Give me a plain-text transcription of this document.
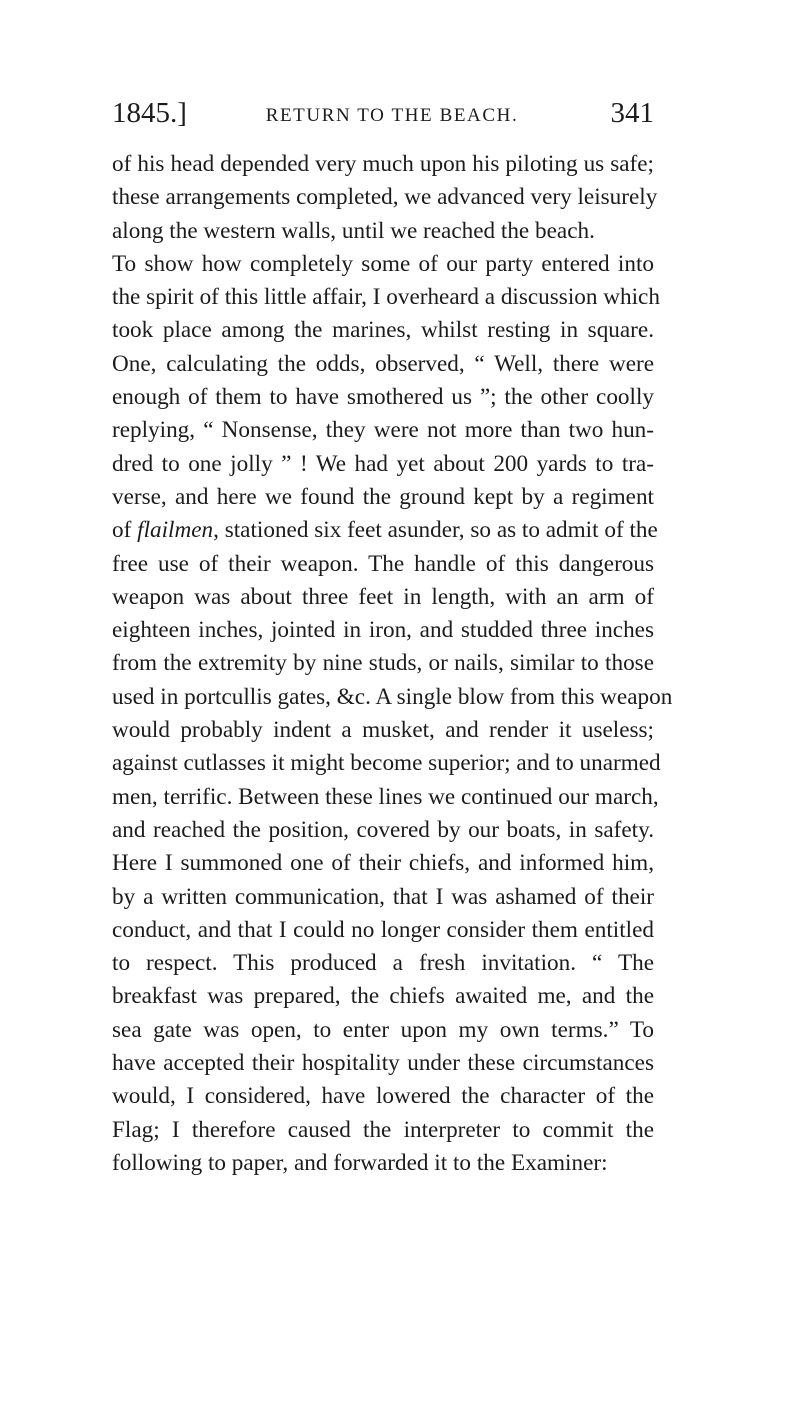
1845.]	RETURN TO THE BEACH.	341
of his head depended very much upon his piloting us safe;
these arrangements completed, we advanced very leisurely
along the western walls, until we reached the beach.
To show how completely some of our party entered into
the spirit of this little affair, I overheard a discussion which
took place among the marines, whilst resting in square.
One, calculating the odds, observed, “ Well, there were
enough of them to have smothered us ”; the other coolly
replying, “ Nonsense, they were not more than two hun-
dred to one jolly ” ! We had yet about 200 yards to tra-
verse, and here we found the ground kept by a regiment
of flailmen, stationed six feet asunder, so as to admit of the
free use of their weapon. The handle of this dangerous
weapon was about three feet in length, with an arm of
eighteen inches, jointed in iron, and studded three inches
from the extremity by nine studs, or nails, similar to those
used in portcullis gates, &c. A single blow from this weapon
would probably indent a musket, and render it useless;
against cutlasses it might become superior; and to unarmed
men, terrific. Between these lines we continued our march,
and reached the position, covered by our boats, in safety.
Here I summoned one of their chiefs, and informed him,
by a written communication, that I was ashamed of their
conduct, and that I could no longer consider them entitled
to respect. This produced a fresh invitation. “ The
breakfast was prepared, the chiefs awaited me, and the
sea gate was open, to enter upon my own terms.” To
have accepted their hospitality under these circumstances
would, I considered, have lowered the character of the
Flag; I therefore caused the interpreter to commit the
following to paper, and forwarded it to the Examiner:
